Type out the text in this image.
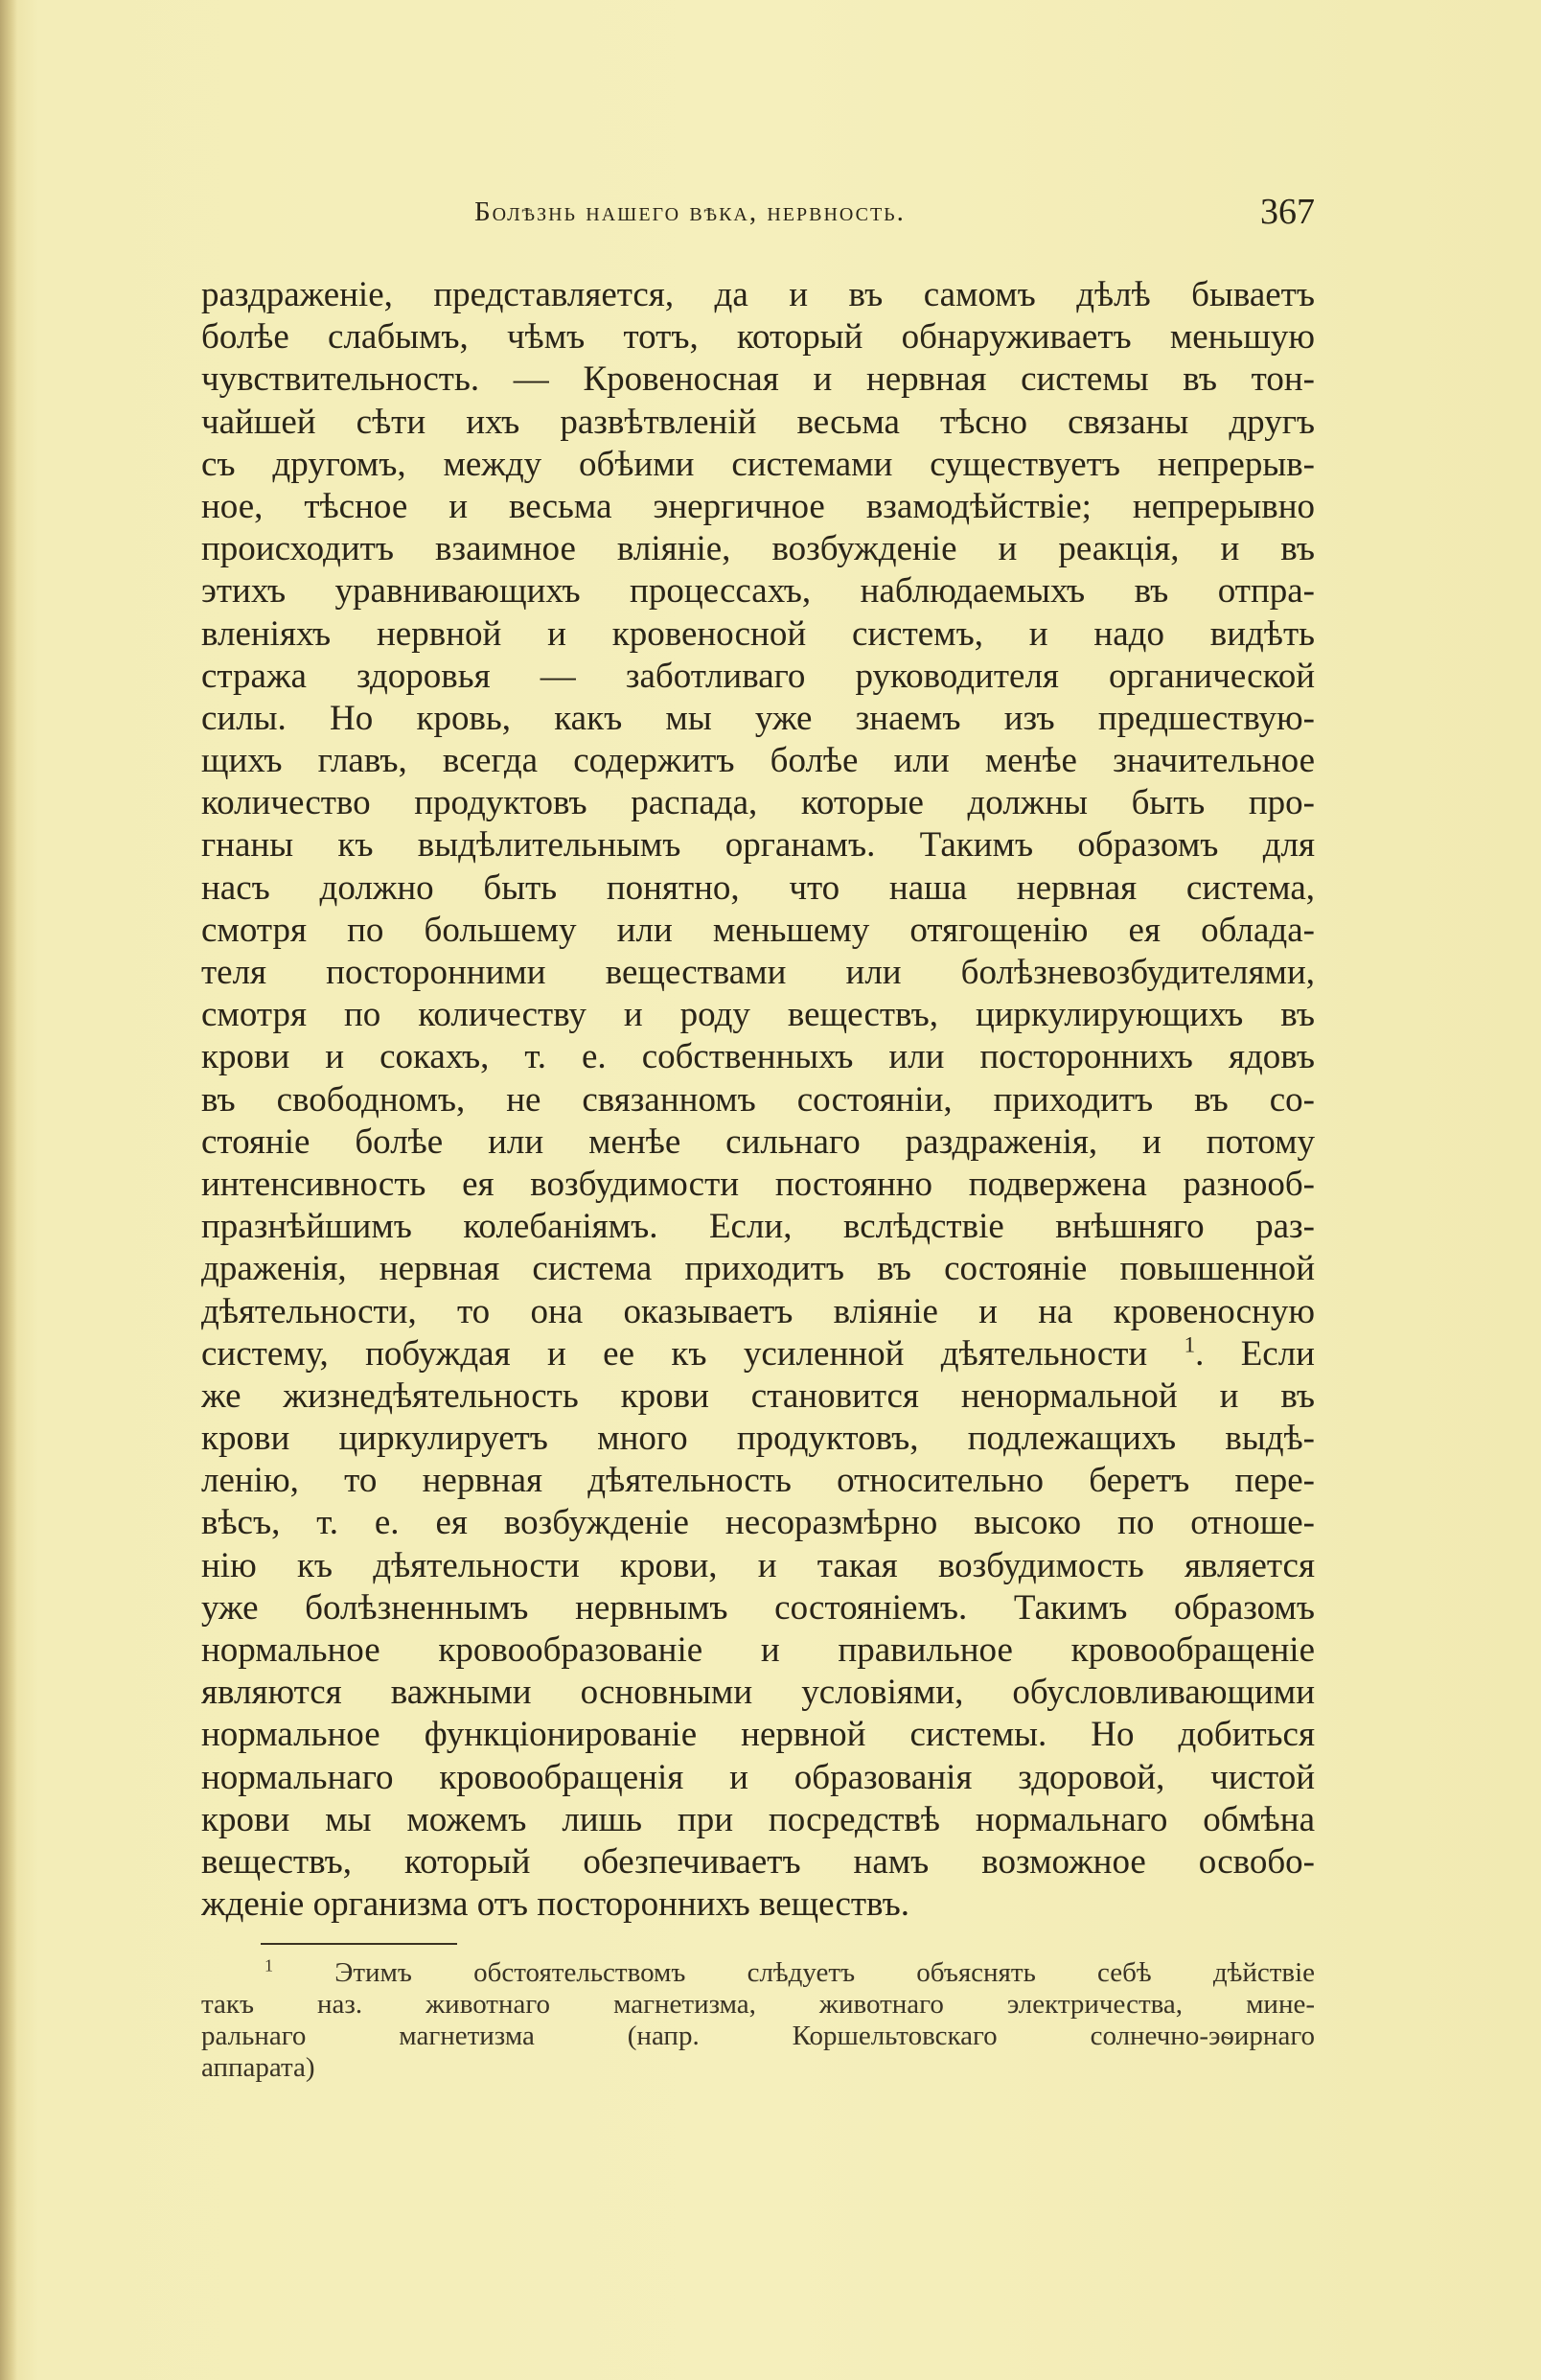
Болѣзнь нашего вѣка, нервность.	367
раздраженіе, представляется, да и въ самомъ дѣлѣ бываетъ
болѣе слабымъ, чѣмъ тотъ, который обнаруживаетъ меньшую
чувствительность. — Кровеносная и нервная системы въ тон-
чайшей сѣти ихъ развѣтвленій весьма тѣсно связаны другъ
съ другомъ, между обѣими системами существуетъ непрерыв-
ное, тѣсное и весьма энергичное взамодѣйствіе; непрерывно
происходитъ взаимное вліяніе, возбужденіе и реакція, и въ
этихъ уравнивающихъ процессахъ, наблюдаемыхъ въ отпра-
вленіяхъ нервной и кровеносной системъ, и надо видѣть
стража здоровья — заботливаго руководителя органической
силы. Но кровь, какъ мы уже знаемъ изъ предшествую-
щихъ главъ, всегда содержитъ болѣе или менѣе значительное
количество продуктовъ распада, которые должны быть про-
гнаны къ выдѣлительнымъ органамъ. Такимъ образомъ для
насъ должно быть понятно, что наша нервная система,
смотря по большему или меньшему отягощенію ея облада-
теля посторонними веществами или болѣзневозбудителями,
смотря по количеству и роду веществъ, циркулирующихъ въ
крови и сокахъ, т. е. собственныхъ или постороннихъ ядовъ
въ свободномъ, не связанномъ состояніи, приходитъ въ со-
стояніе болѣе или менѣе сильнаго раздраженія, и потому
интенсивность ея возбудимости постоянно подвержена разнооб-
празнѣйшимъ колебаніямъ. Если, вслѣдствіе внѣшняго раз-
драженія, нервная система приходитъ въ состояніе повышенной
дѣятельности, то она оказываетъ вліяніе и на кровеносную
систему, побуждая и ее къ усиленной дѣятельности $^1$. Если
же жизнедѣятельность крови становится ненормальной и въ
крови циркулируетъ много продуктовъ, подлежащихъ выдѣ-
ленію, то нервная дѣятельность относительно беретъ пере-
вѣсъ, т. е. ея возбужденіе несоразмѣрно высоко по отноше-
нію къ дѣятельности крови, и такая возбудимость является
уже болѣзненнымъ нервнымъ состояніемъ. Такимъ образомъ
нормальное кровообразованіе и правильное кровообращеніе
являются важными основными условіями, обусловливающими
нормальное функціонированіе нервной системы. Но добиться
нормальнаго кровообращенія и образованія здоровой, чистой
крови мы можемъ лишь при посредствѣ нормальнаго обмѣна
веществъ, который обезпечиваетъ намъ возможное освобо-
жденіе организма отъ постороннихъ веществъ.
$^1$ Этимъ обстоятельствомъ слѣдуетъ объяснять себѣ дѣйствіе
такъ наз. животнаго магнетизма, животнаго электричества, мине-
ральнаго магнетизма (напр. Коршельтовскаго солнечно-эѳирнаго
аппарата)
